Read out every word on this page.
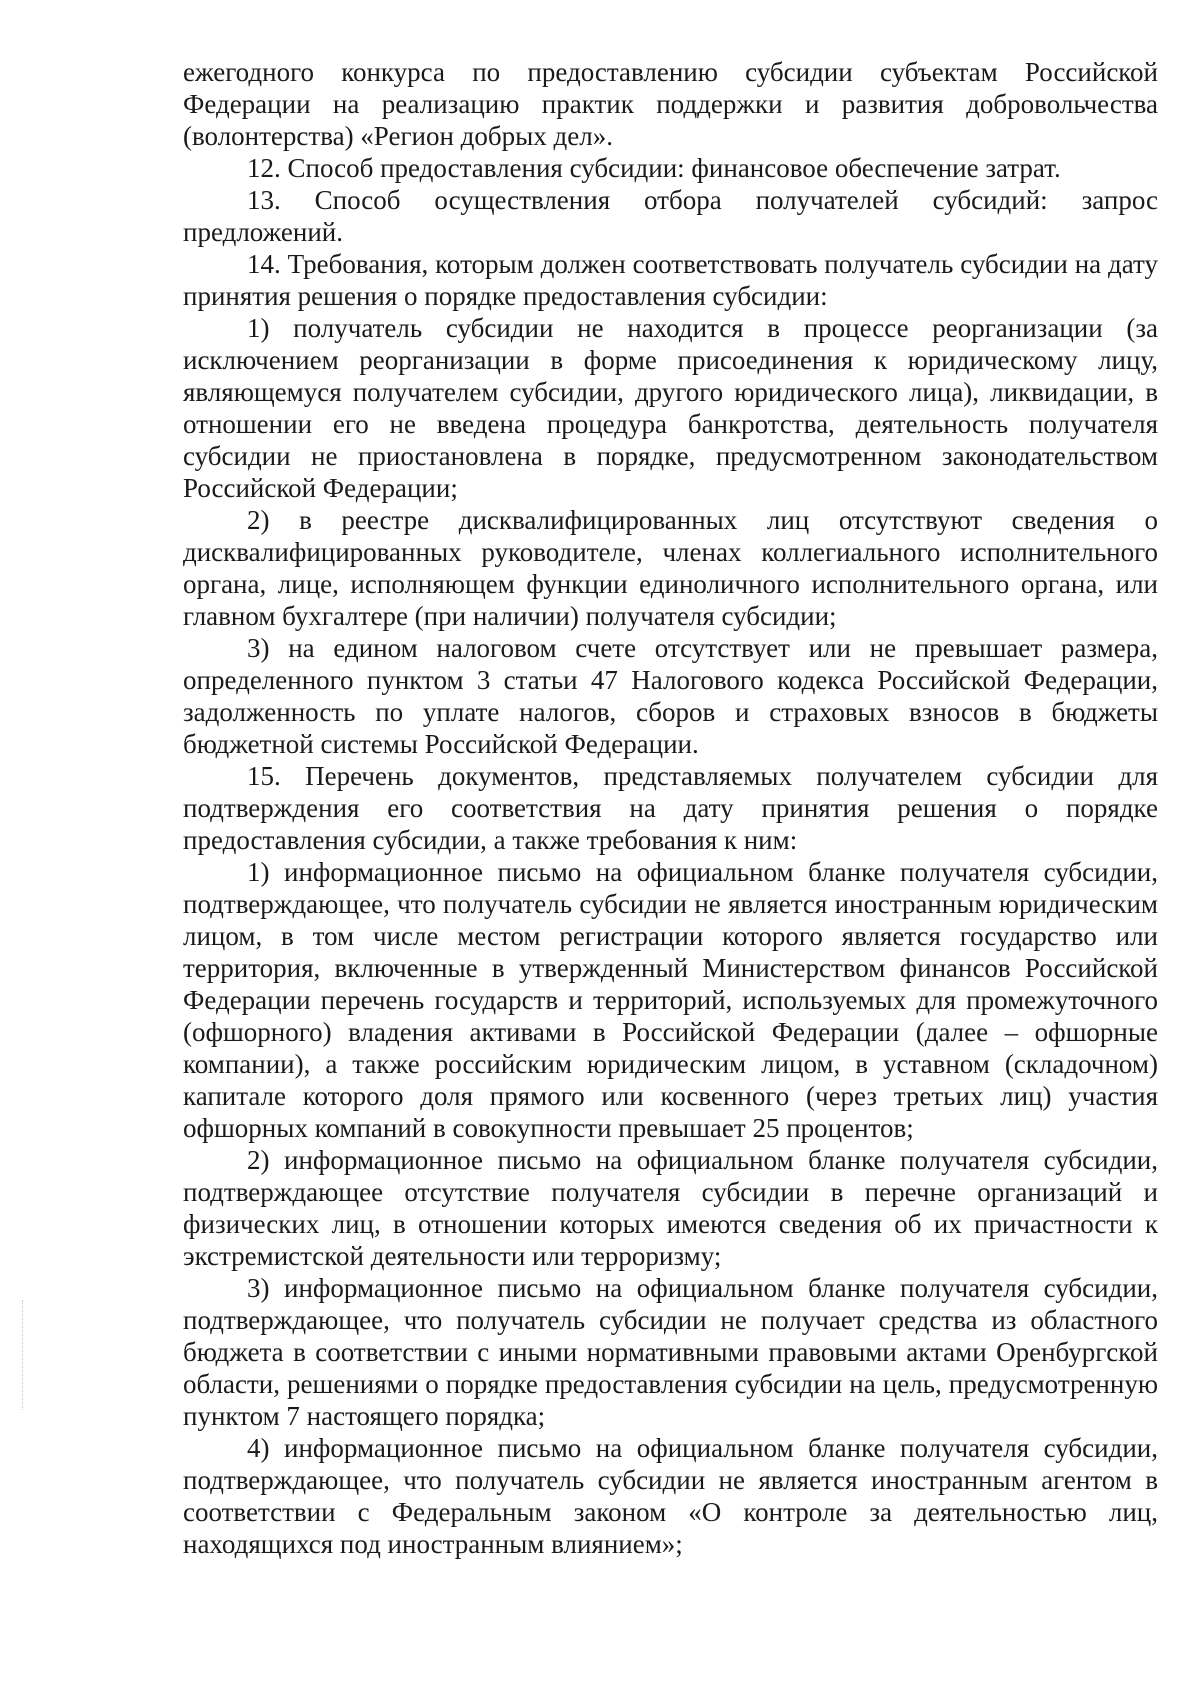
ежегодного конкурса по предоставлению субсидии субъектам Российской Федерации на реализацию практик поддержки и развития добровольчества (волонтерства) «Регион добрых дел».

12. Способ предоставления субсидии: финансовое обеспечение затрат.

13. Способ осуществления отбора получателей субсидий: запрос предложений.

14. Требования, которым должен соответствовать получатель субсидии на дату принятия решения о порядке предоставления субсидии:

1) получатель субсидии не находится в процессе реорганизации (за исключением реорганизации в форме присоединения к юридическому лицу, являющемуся получателем субсидии, другого юридического лица), ликвидации, в отношении его не введена процедура банкротства, деятельность получателя субсидии не приостановлена в порядке, предусмотренном законодательством Российской Федерации;

2) в реестре дисквалифицированных лиц отсутствуют сведения о дисквалифицированных руководителе, членах коллегиального исполнительного органа, лице, исполняющем функции единоличного исполнительного органа, или главном бухгалтере (при наличии) получателя субсидии;

3) на едином налоговом счете отсутствует или не превышает размера, определенного пунктом 3 статьи 47 Налогового кодекса Российской Федерации, задолженность по уплате налогов, сборов и страховых взносов в бюджеты бюджетной системы Российской Федерации.

15. Перечень документов, представляемых получателем субсидии для подтверждения его соответствия на дату принятия решения о порядке предоставления субсидии, а также требования к ним:

1) информационное письмо на официальном бланке получателя субсидии, подтверждающее, что получатель субсидии не является иностранным юридическим лицом, в том числе местом регистрации которого является государство или территория, включенные в утвержденный Министерством финансов Российской Федерации перечень государств и территорий, используемых для промежуточного (офшорного) владения активами в Российской Федерации (далее – офшорные компании), а также российским юридическим лицом, в уставном (складочном) капитале которого доля прямого или косвенного (через третьих лиц) участия офшорных компаний в совокупности превышает 25 процентов;

2) информационное письмо на официальном бланке получателя субсидии, подтверждающее отсутствие получателя субсидии в перечне организаций и физических лиц, в отношении которых имеются сведения об их причастности к экстремистской деятельности или терроризму;

3) информационное письмо на официальном бланке получателя субсидии, подтверждающее, что получатель субсидии не получает средства из областного бюджета в соответствии с иными нормативными правовыми актами Оренбургской области, решениями о порядке предоставления субсидии на цель, предусмотренную пунктом 7 настоящего порядка;

4) информационное письмо на официальном бланке получателя субсидии, подтверждающее, что получатель субсидии не является иностранным агентом в соответствии с Федеральным законом «О контроле за деятельностью лиц, находящихся под иностранным влиянием»;
